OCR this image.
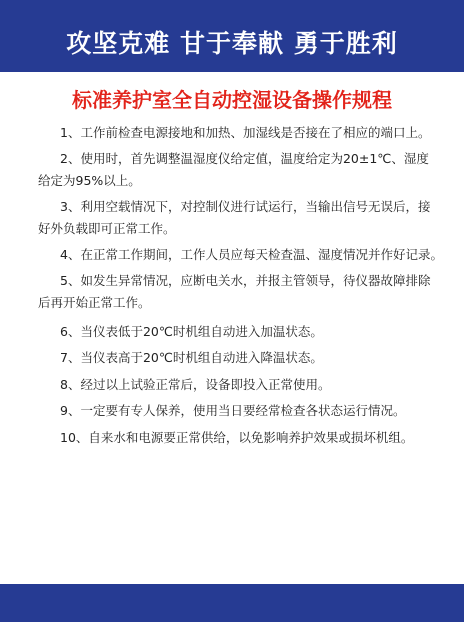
攻坚克难 甘于奉献 勇于胜利
标准养护室全自动控湿设备操作规程
1、工作前检查电源接地和加热、加湿线是否接在了相应的端口上。
2、使用时，首先调整温湿度仪给定值，温度给定为20±1℃、湿度给定为95%以上。
3、利用空载情况下，对控制仪进行试运行，当输出信号无误后，接好外负载即可正常工作。
4、在正常工作期间，工作人员应每天检查温、湿度情况并作好记录。
5、如发生异常情况，应断电关水，并报主管领导，待仪器故障排除后再开始正常工作。
6、当仪表低于20℃时机组自动进入加温状态。
7、当仪表高于20℃时机组自动进入降温状态。
8、经过以上试验正常后，设备即投入正常使用。
9、一定要有专人保养，使用当日要经常检查各状态运行情况。
10、自来水和电源要正常供给，以免影响养护效果或损坏机组。
